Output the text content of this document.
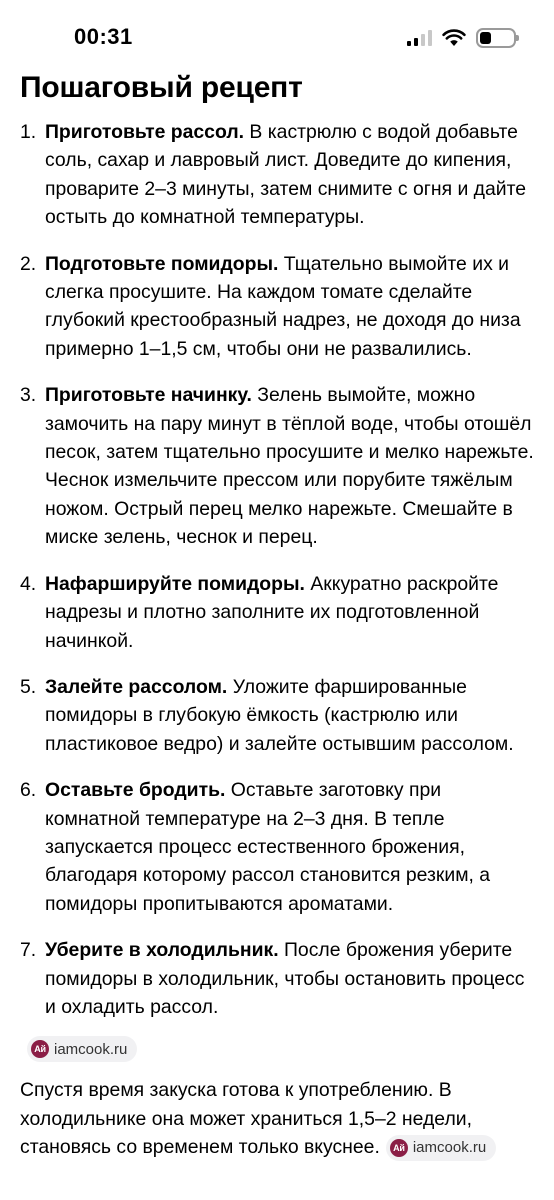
00:31
Пошаговый рецепт
1. Приготовьте рассол. В кастрюлю с водой добавьте соль, сахар и лавровый лист. Доведите до кипения, проварите 2–3 минуты, затем снимите с огня и дайте остыть до комнатной температуры.
2. Подготовьте помидоры. Тщательно вымойте их и слегка просушите. На каждом томате сделайте глубокий крестообразный надрез, не доходя до низа примерно 1–1,5 см, чтобы они не развалились.
3. Приготовьте начинку. Зелень вымойте, можно замочить на пару минут в тёплой воде, чтобы отошёл песок, затем тщательно просушите и мелко нарежьте. Чеснок измельчите прессом или порубите тяжёлым ножом. Острый перец мелко нарежьте. Смешайте в миске зелень, чеснок и перец.
4. Нафаршируйте помидоры. Аккуратно раскройте надрезы и плотно заполните их подготовленной начинкой.
5. Залейте рассолом. Уложите фаршированные помидоры в глубокую ёмкость (кастрюлю или пластиковое ведро) и залейте остывшим рассолом.
6. Оставьте бродить. Оставьте заготовку при комнатной температуре на 2–3 дня. В тепле запускается процесс естественного брожения, благодаря которому рассол становится резким, а помидоры пропитываются ароматами.
7. Уберите в холодильник. После брожения уберите помидоры в холодильник, чтобы остановить процесс и охладить рассол.
Ай iamcook.ru

Спустя время закуска готова к употреблению. В холодильнике она может храниться 1,5–2 недели, становясь со временем только вкуснее.	Ай iamcook.ru
